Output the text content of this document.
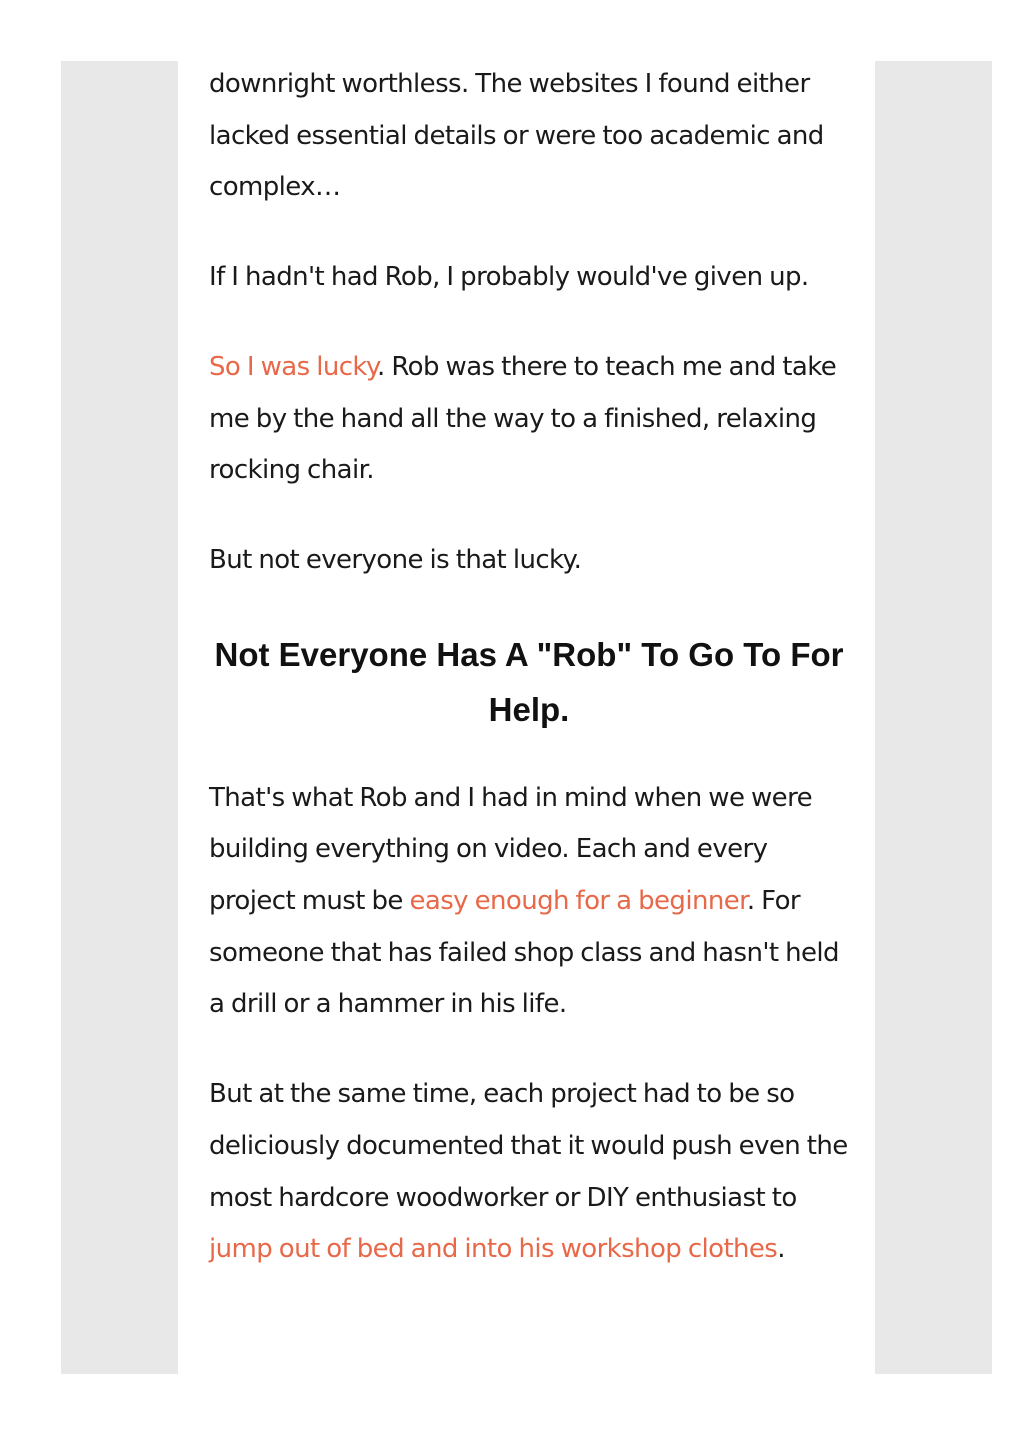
downright worthless. The websites I found either lacked essential details or were too academic and complex…

If I hadn't had Rob, I probably would've given up.

So I was lucky. Rob was there to teach me and take me by the hand all the way to a finished, relaxing rocking chair.

But not everyone is that lucky.

Not Everyone Has A "Rob" To Go To For Help.

That's what Rob and I had in mind when we were building everything on video. Each and every project must be easy enough for a beginner. For someone that has failed shop class and hasn't held a drill or a hammer in his life.

But at the same time, each project had to be so deliciously documented that it would push even the most hardcore woodworker or DIY enthusiast to jump out of bed and into his workshop clothes.
